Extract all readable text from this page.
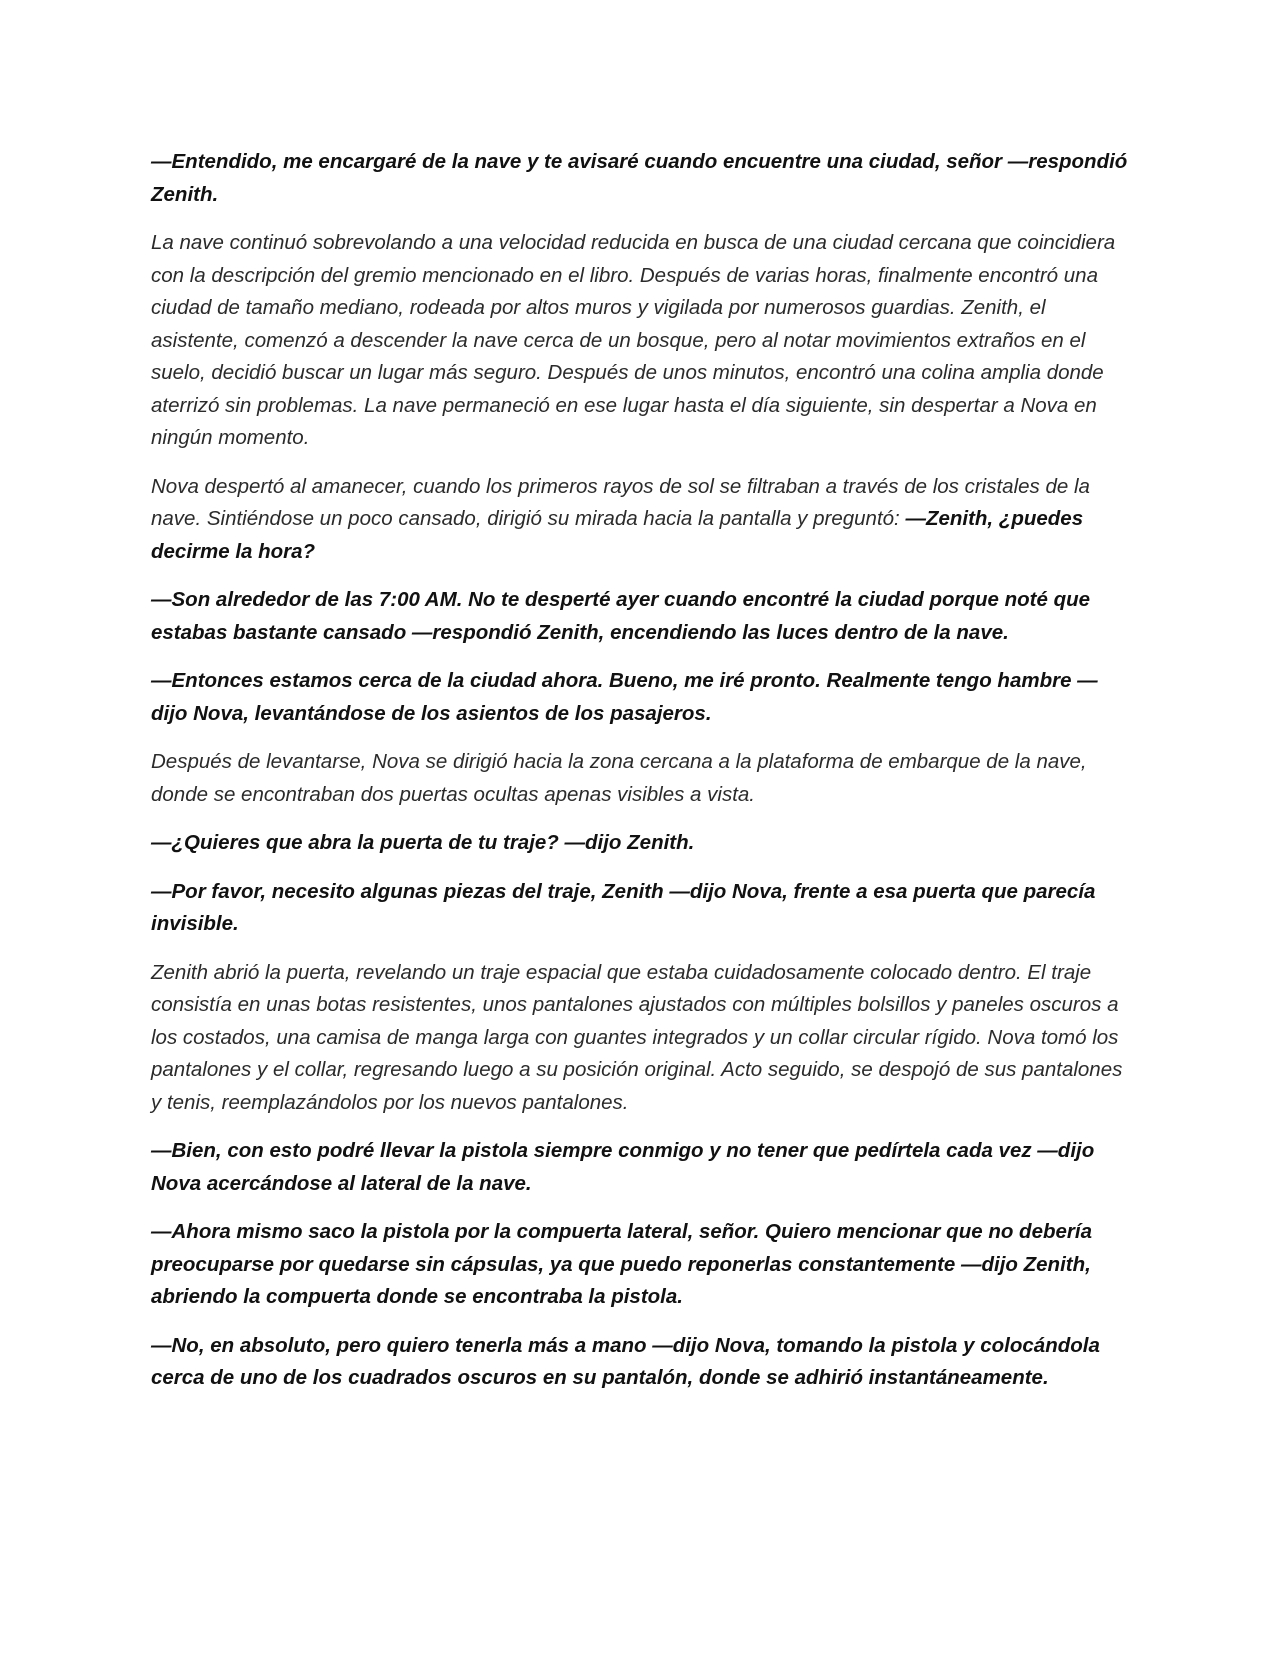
—Entendido, me encargaré de la nave y te avisaré cuando encuentre una ciudad, señor —respondió Zenith.

La nave continuó sobrevolando a una velocidad reducida en busca de una ciudad cercana que coincidiera con la descripción del gremio mencionado en el libro. Después de varias horas, finalmente encontró una ciudad de tamaño mediano, rodeada por altos muros y vigilada por numerosos guardias. Zenith, el asistente, comenzó a descender la nave cerca de un bosque, pero al notar movimientos extraños en el suelo, decidió buscar un lugar más seguro. Después de unos minutos, encontró una colina amplia donde aterrizó sin problemas. La nave permaneció en ese lugar hasta el día siguiente, sin despertar a Nova en ningún momento.

Nova despertó al amanecer, cuando los primeros rayos de sol se filtraban a través de los cristales de la nave. Sintiéndose un poco cansado, dirigió su mirada hacia la pantalla y preguntó: —Zenith, ¿puedes decirme la hora?

—Son alrededor de las 7:00 AM. No te desperté ayer cuando encontré la ciudad porque noté que estabas bastante cansado —respondió Zenith, encendiendo las luces dentro de la nave.

—Entonces estamos cerca de la ciudad ahora. Bueno, me iré pronto. Realmente tengo hambre —dijo Nova, levantándose de los asientos de los pasajeros.

Después de levantarse, Nova se dirigió hacia la zona cercana a la plataforma de embarque de la nave, donde se encontraban dos puertas ocultas apenas visibles a vista.

—¿Quieres que abra la puerta de tu traje? —dijo Zenith.

—Por favor, necesito algunas piezas del traje, Zenith —dijo Nova, frente a esa puerta que parecía invisible.

Zenith abrió la puerta, revelando un traje espacial que estaba cuidadosamente colocado dentro. El traje consistía en unas botas resistentes, unos pantalones ajustados con múltiples bolsillos y paneles oscuros a los costados, una camisa de manga larga con guantes integrados y un collar circular rígido. Nova tomó los pantalones y el collar, regresando luego a su posición original. Acto seguido, se despojó de sus pantalones y tenis, reemplazándolos por los nuevos pantalones.

—Bien, con esto podré llevar la pistola siempre conmigo y no tener que pedírtela cada vez —dijo Nova acercándose al lateral de la nave.

—Ahora mismo saco la pistola por la compuerta lateral, señor. Quiero mencionar que no debería preocuparse por quedarse sin cápsulas, ya que puedo reponerlas constantemente —dijo Zenith, abriendo la compuerta donde se encontraba la pistola.

—No, en absoluto, pero quiero tenerla más a mano —dijo Nova, tomando la pistola y colocándola cerca de uno de los cuadrados oscuros en su pantalón, donde se adhirió instantáneamente.
